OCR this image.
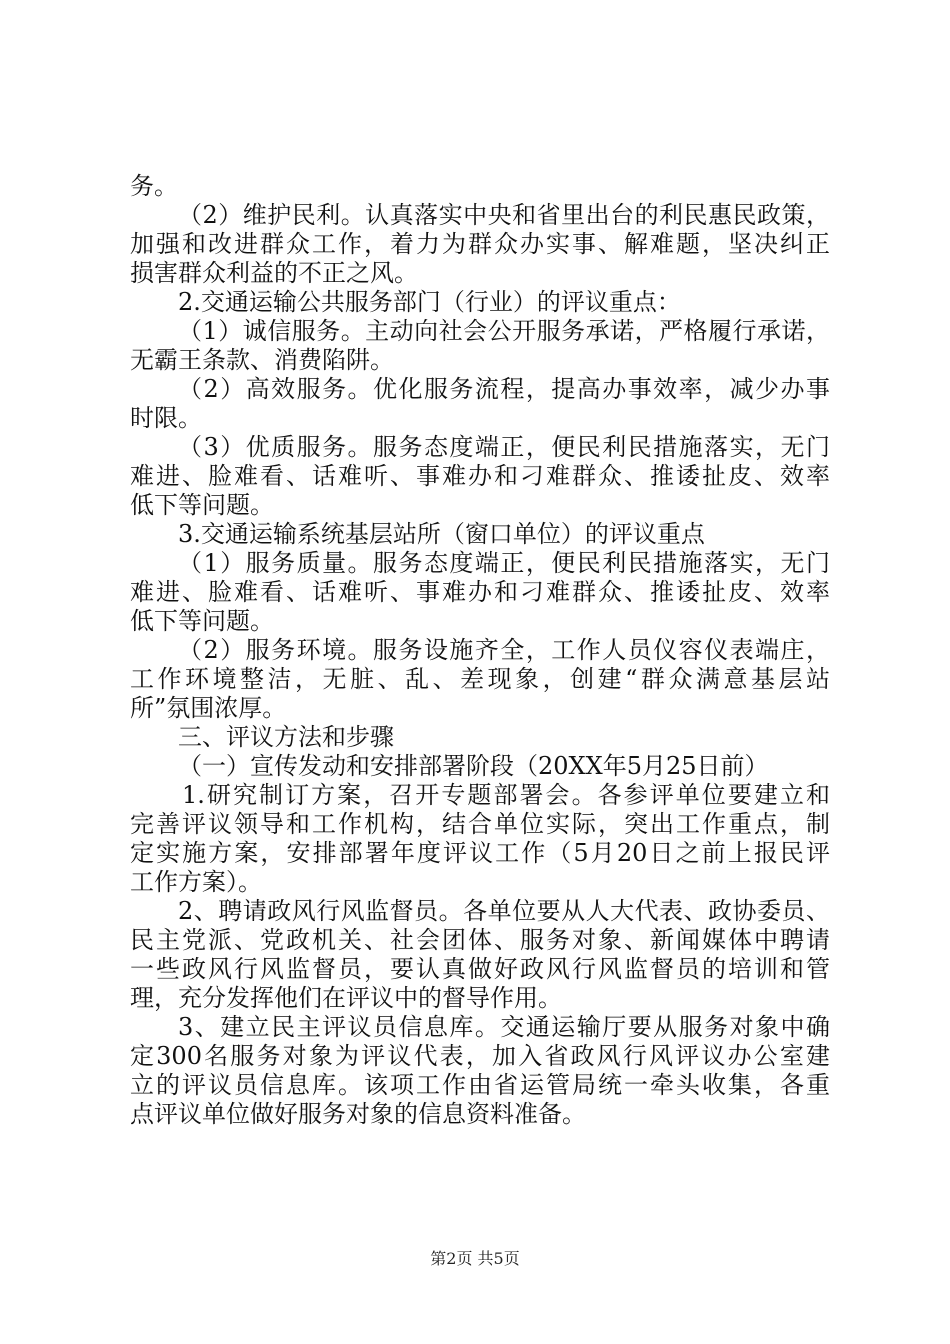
务。
（2）维护民利。认真落实中央和省里出台的利民惠民政策，
加强和改进群众工作，着力为群众办实事、解难题，坚决纠正
损害群众利益的不正之风。
2.交通运输公共服务部门（行业）的评议重点：
（1）诚信服务。主动向社会公开服务承诺，严格履行承诺，
无霸王条款、消费陷阱。
（2）高效服务。优化服务流程，提高办事效率，减少办事
时限。
（3）优质服务。服务态度端正，便民利民措施落实，无门
难进、脸难看、话难听、事难办和刁难群众、推诿扯皮、效率
低下等问题。
3.交通运输系统基层站所（窗口单位）的评议重点
（1）服务质量。服务态度端正，便民利民措施落实，无门
难进、脸难看、话难听、事难办和刁难群众、推诿扯皮、效率
低下等问题。
（2）服务环境。服务设施齐全，工作人员仪容仪表端庄，
工作环境整洁，无脏、乱、差现象，创建“群众满意基层站
所”氛围浓厚。
三、评议方法和步骤
（一）宣传发动和安排部署阶段（20XX年5月25日前）
1.研究制订方案，召开专题部署会。各参评单位要建立和
完善评议领导和工作机构，结合单位实际，突出工作重点，制
定实施方案，安排部署年度评议工作（5月20日之前上报民评
工作方案）。
2、聘请政风行风监督员。各单位要从人大代表、政协委员、
民主党派、党政机关、社会团体、服务对象、新闻媒体中聘请
一些政风行风监督员，要认真做好政风行风监督员的培训和管
理，充分发挥他们在评议中的督导作用。
3、建立民主评议员信息库。交通运输厅要从服务对象中确
定300名服务对象为评议代表，加入省政风行风评议办公室建
立的评议员信息库。该项工作由省运管局统一牵头收集，各重
点评议单位做好服务对象的信息资料准备。
第2页 共5页
